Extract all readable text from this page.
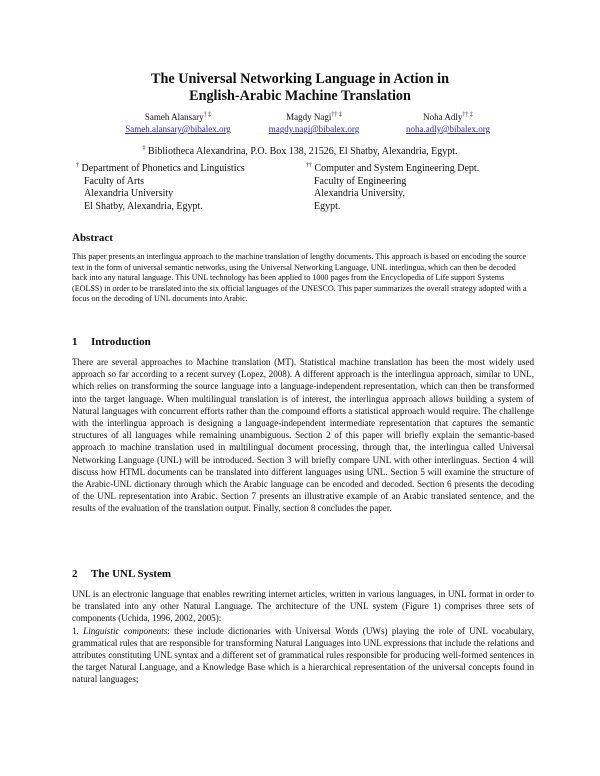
The Universal Networking Language in Action in
English-Arabic Machine Translation
Sameh Alansary† ‡
Sameh.alansary@bibalex.org
Magdy Nagi†† ‡
magdy.nagi@bibalex.org
Noha Adly†† ‡
noha.adly@bibalex.org
‡ Bibliotheca Alexandrina, P.O. Box 138, 21526, El Shatby, Alexandria, Egypt.
† Department of Phonetics and Linguistics
Faculty of Arts
Alexandria University
El Shatby, Alexandria, Egypt.
†† Computer and System Engineering Dept.
Faculty of Engineering
Alexandria University,
Egypt.
Abstract
This paper presents an interlingua approach to the machine translation of lengthy documents. This approach is based on encoding the source text in the form of universal semantic networks, using the Universal Networking Language, UNL interlingua, which can then be decoded back into any natural language. This UNL technology has been applied to 1000 pages from the Encyclopedia of Life support Systems (EOLSS) in order to be translated into the six official languages of the UNESCO. This paper summarizes the overall strategy adopted with a focus on the decoding of UNL documents into Arabic.
1 Introduction

There are several approaches to Machine translation (MT). Statistical machine translation has been the most widely used approach so far according to a recent survey (Lopez, 2008). A different approach is the interlingua approach, similar to UNL, which relies on transforming the source language into a language-independent representation, which can then be transformed into the target language. When multilingual translation is of interest, the interlingua approach allows building a system of Natural languages with concurrent efforts rather than the compound efforts a statistical approach would require. The challenge with the interlingua approach is designing a language-independent intermediate representation that captures the semantic structures of all languages while remaining unambiguous. Section 2 of this paper will briefly explain the semantic-based approach to machine translation used in multilingual document processing, through that, the interlingua called Universal Networking Language (UNL) will be introduced. Section 3 will briefly compare UNL with other interlinguas. Section 4 will discuss how HTML documents can be translated into different languages using UNL. Section 5 will examine the structure of the Arabic-UNL dictionary through which the Arabic language can be encoded and decoded. Section 6 presents the decoding of the UNL representation into Arabic. Section 7 presents an illustrative example of an Arabic translated sentence, and the results of the evaluation of the translation output. Finally, section 8 concludes the paper.

2 The UNL System

UNL is an electronic language that enables rewriting internet articles, written in various languages, in UNL format in order to be translated into any other Natural Language. The architecture of the UNL system (Figure 1) comprises three sets of components (Uchida, 1996, 2002, 2005):

1. Linguistic components: these include dictionaries with Universal Words (UWs) playing the role of UNL vocabulary, grammatical rules that are responsible for transforming Natural Languages into UNL expressions that include the relations and attributes constituting UNL syntax and a different set of grammatical rules responsible for producing well-formed sentences in the target Natural Language, and a Knowledge Base which is a hierarchical representation of the universal concepts found in natural languages;
